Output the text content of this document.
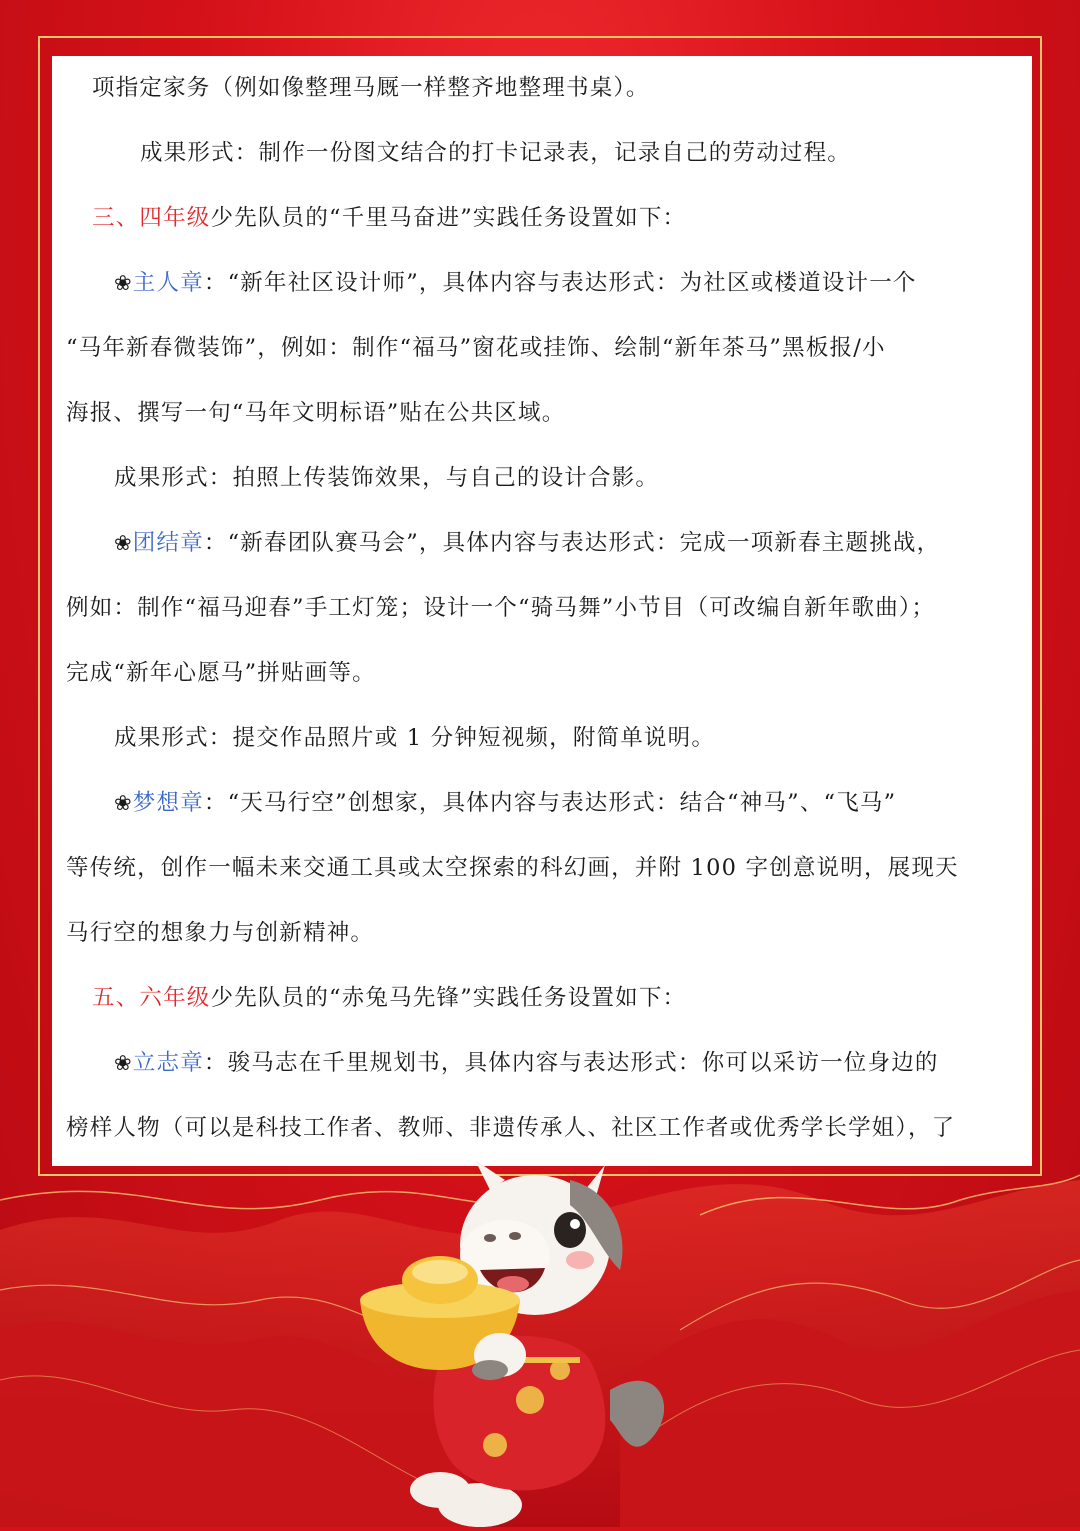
项指定家务（例如像整理马厩一样整齐地整理书桌）。

成果形式：制作一份图文结合的打卡记录表，记录自己的劳动过程。

三、四年级少先队员的“千里马奋进”实践任务设置如下：

❀主人章：“新年社区设计师”，具体内容与表达形式：为社区或楼道设计一个

“马年新春微装饰”，例如：制作“福马”窗花或挂饰、绘制“新年茶马”黑板报/小

海报、撰写一句“马年文明标语”贴在公共区域。

成果形式：拍照上传装饰效果，与自己的设计合影。

❀团结章：“新春团队赛马会”，具体内容与表达形式：完成一项新春主题挑战，

例如：制作“福马迎春”手工灯笼；设计一个“骑马舞”小节目（可改编自新年歌曲）；

完成“新年心愿马”拼贴画等。

成果形式：提交作品照片或 1 分钟短视频，附简单说明。

❀梦想章：“天马行空”创想家，具体内容与表达形式：结合“神马”、“飞马”

等传统，创作一幅未来交通工具或太空探索的科幻画，并附 100 字创意说明，展现天

马行空的想象力与创新精神。

五、六年级少先队员的“赤兔马先锋”实践任务设置如下：

❀立志章：骏马志在千里规划书，具体内容与表达形式：你可以采访一位身边的

榜样人物（可以是科技工作者、教师、非遗传承人、社区工作者或优秀学长学姐），了
